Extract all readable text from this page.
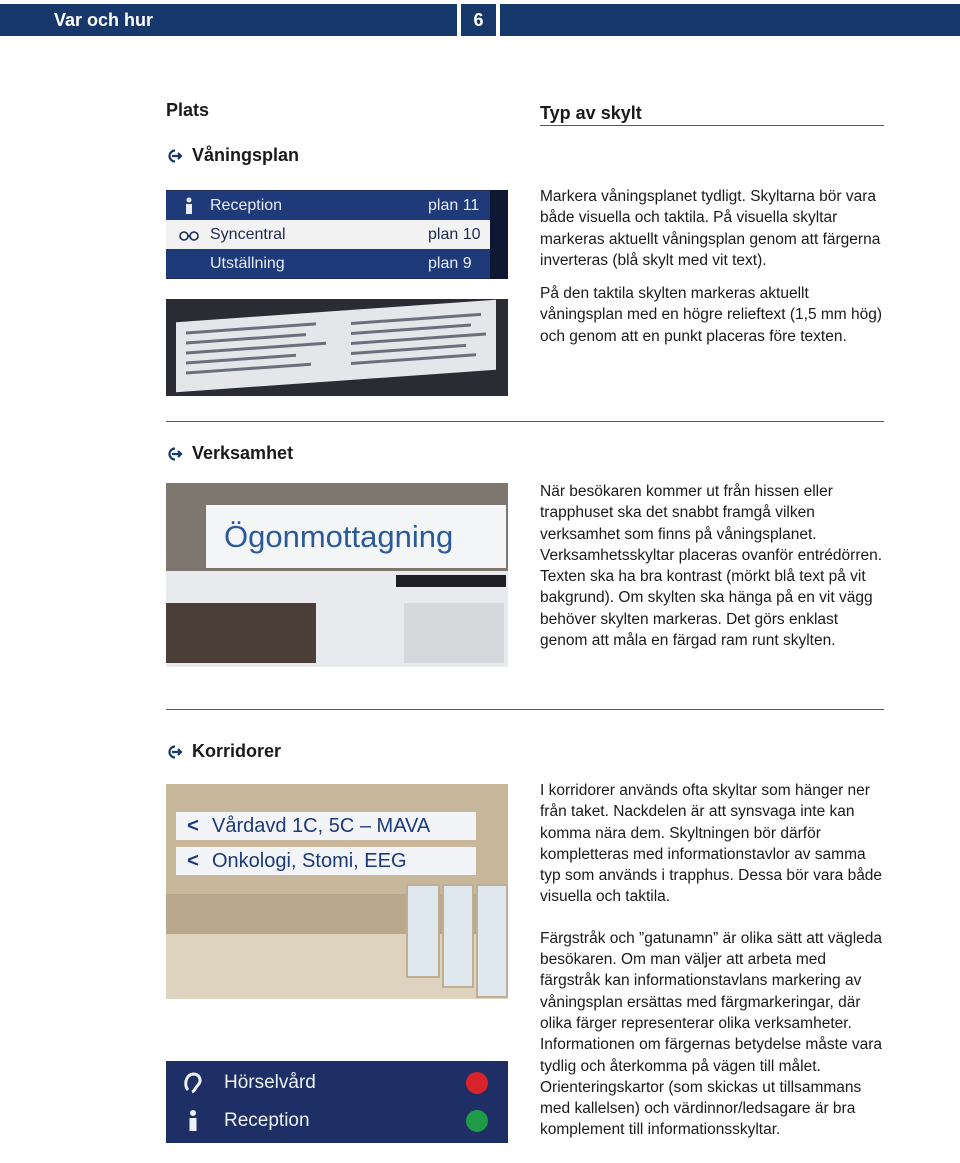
Var och hur	6
Plats	Typ av skylt
Våningsplan
Reception	plan 11
Syncentral	plan 10
Utställning	plan 9

Markera våningsplanet tydligt. Skyltarna bör vara både visuella och taktila. På visuella skyltar markeras aktuellt våningsplan genom att färgerna inverteras (blå skylt med vit text).

På den taktila skylten markeras aktuellt våningsplan med en högre relieftext (1,5 mm hög) och genom att en punkt placeras före texten.

Verksamhet
Ögonmottagning

När besökaren kommer ut från hissen eller trapphuset ska det snabbt framgå vilken verksamhet som finns på våningsplanet. Verksamhetsskyltar placeras ovanför entrédörren. Texten ska ha bra kontrast (mörkt blå text på vit bakgrund). Om skylten ska hänga på en vit vägg behöver skylten markeras. Det görs enklast genom att måla en färgad ram runt skylten.

Korridorer
< Vårdavd 1C, 5C – MAVA
< Onkologi, Stomi, EEG
Hörselvård
Reception

I korridorer används ofta skyltar som hänger ner från taket. Nackdelen är att synsvaga inte kan komma nära dem. Skyltningen bör därför kompletteras med informationstavlor av samma typ som används i trapphus. Dessa bör vara både visuella och taktila.

Färgstråk och ”gatunamn” är olika sätt att vägleda besökaren. Om man väljer att arbeta med färgstråk kan informationstavlans markering av våningsplan ersättas med färgmarkeringar, där olika färger representerar olika verksamheter.

Informationen om färgernas betydelse måste vara tydlig och återkomma på vägen till målet. Orienteringskartor (som skickas ut tillsammans med kallelsen) och värdinnor/ledsagare är bra komplement till informationsskyltar.
